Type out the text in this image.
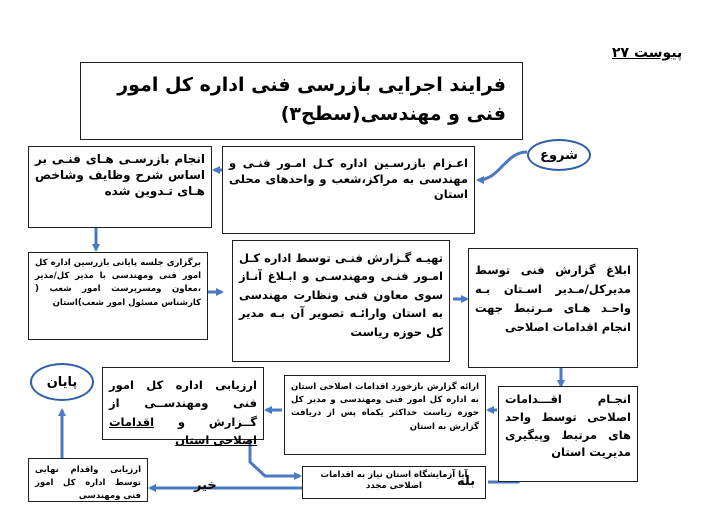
پیوست ۲۷
فرایند اجرایی بازرسی فنی اداره کل امور فنی و مهندسی(سطح۳)
شروع
اعـزام بازرسـین اداره کـل امـور فنـی و مهندسی به مراکز،شعب و واحدهای محلی استان
انجام بازرسـی هـای فنـی بر اساس شرح وظایف وشاخص هـای تـدوین شده
برگزاری جلسه پایانی بازرسین اداره کل امور فنی ومهندسی با مدیر کل/مدیر ،معاون ومسرپرست امور شعب ( کارشناس مسئول امور شعب)استان
تهیـه گـزارش فنـی توسط اداره کـل امـور فنـی ومهندسـی و ابـلاغ آنـاز سوی معاون فنی ونظارت مهندسی به استان وارائـه تصویر آن بـه مدیر کل حوزه ریاست
ابلاغ گزارش فنی توسط مدیرکل/مـدیر اسـتان بـه واحـد هـای مـرتبط جهت انجام اقدامات اصلاحی
انجـام اقـــدامات اصلاحی توسط واحد های مرتبط وپیگیری مدیریت استان
ارائه گزارش بازخورد اقدامات اصلاحی استان به اداره کل امور فنی ومهندسی و مدیر کل حوزه ریاست حداکثر یکماه پس از دریافت گزارش به استان
ارزیابی اداره کل امور فنی ومهندســی از گــزارش و اقدامات اصلاحی استان
آیا آزمایشگاه استان نیاز به اقدامات اصلاحی مجدد
ارزیابی واقدام نهایی توسط اداره کل امور فنی ومهندسی
پایان
بله
خیر
